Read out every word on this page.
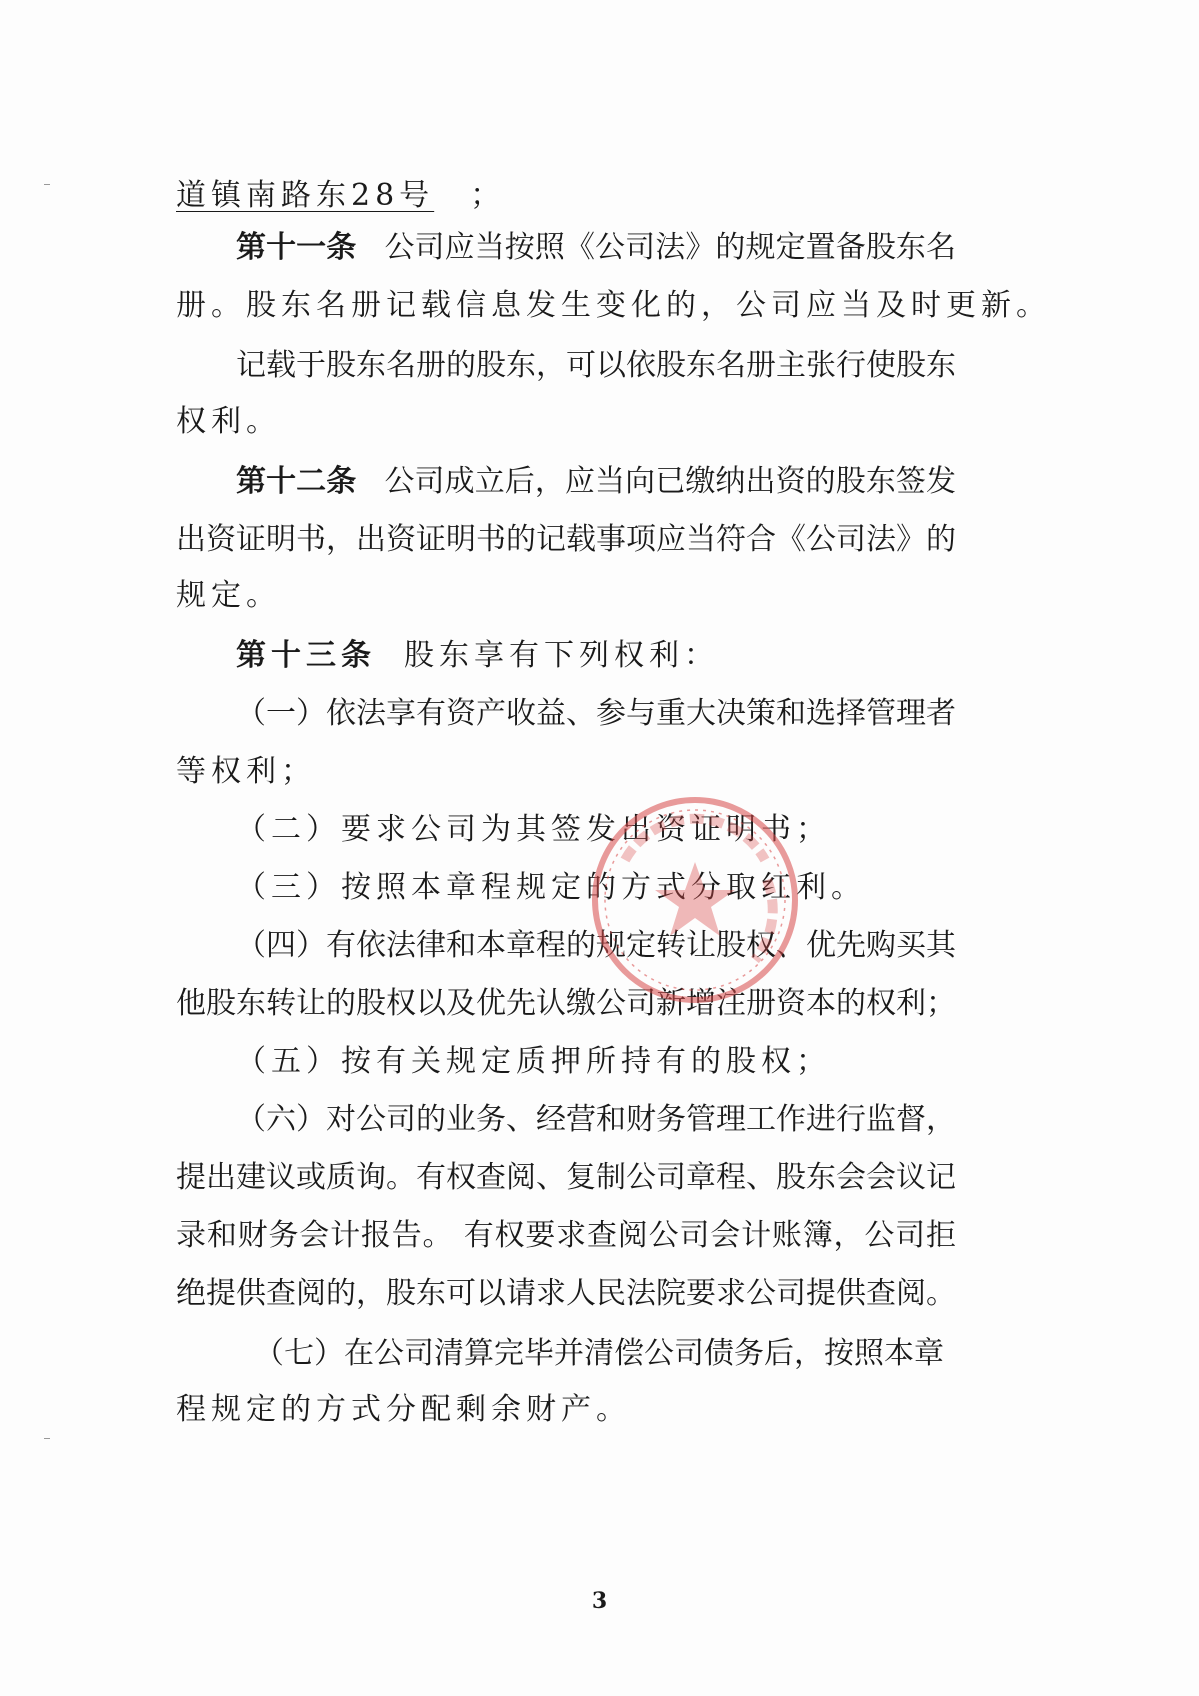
道镇南路东28号 ；
第十一条 公司应当按照《公司法》的规定置备股东名
册。股东名册记载信息发生变化的，公司应当及时更新。
记载于股东名册的股东，可以依股东名册主张行使股东
权利。
第十二条 公司成立后，应当向已缴纳出资的股东签发
出资证明书，出资证明书的记载事项应当符合《公司法》的
规定。
第十三条 股东享有下列权利：
（一）依法享有资产收益、参与重大决策和选择管理者
等权利；
（二）要求公司为其签发出资证明书；
（三）按照本章程规定的方式分取红利。
（四）有依法律和本章程的规定转让股权、优先购买其
他股东转让的股权以及优先认缴公司新增注册资本的权利；
（五）按有关规定质押所持有的股权；
（六）对公司的业务、经营和财务管理工作进行监督，
提出建议或质询。有权查阅、复制公司章程、股东会会议记
录和财务会计报告。 有权要求查阅公司会计账簿，公司拒
绝提供查阅的，股东可以请求人民法院要求公司提供查阅。
（七）在公司清算完毕并清偿公司债务后，按照本章
程规定的方式分配剩余财产。
3
